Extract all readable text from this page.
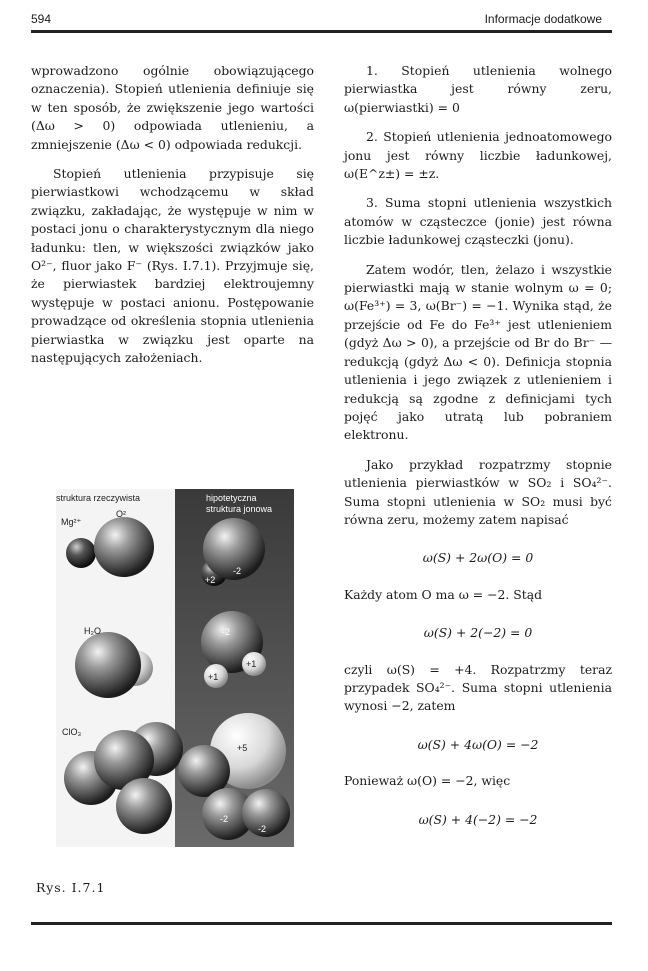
594	Informacje dodatkowe

wprowadzono ogólnie obowiązującego oznaczenia). Stopień utlenienia definiuje się w ten sposób, że zwiększenie jego wartości (Δω > 0) odpowiada utlenieniu, a zmniejszenie (Δω < 0) odpowiada redukcji.

Stopień utlenienia przypisuje się pierwiastkowi wchodzącemu w skład związku, zakładając, że występuje w nim w postaci jonu o charakterystycznym dla niego ładunku: tlen, w większości związków jako O²⁻, fluor jako F⁻ (Rys. I.7.1). Przyjmuje się, że pierwiastek bardziej elektroujemny występuje w postaci anionu. Postępowanie prowadzące od określenia stopnia utlenienia pierwiastka w związku jest oparte na następujących założeniach.

struktura rzeczywista	hipotetyczna struktura jonowa
Mg²⁺
O²
H₂O
ClO₃
+2
-2
-2
+1
+1
+5
-2
-2
Rys. I.7.1

1. Stopień utlenienia wolnego pierwiastka jest równy zeru, ω(pierwiastki) = 0

2. Stopień utlenienia jednoatomowego jonu jest równy liczbie ładunkowej, ω(E^z±) = ±z.

3. Suma stopni utlenienia wszystkich atomów w cząsteczce (jonie) jest równa liczbie ładunkowej cząsteczki (jonu).

Zatem wodór, tlen, żelazo i wszystkie pierwiastki mają w stanie wolnym ω = 0; ω(Fe³⁺) = 3, ω(Br⁻) = −1. Wynika stąd, że przejście od Fe do Fe³⁺ jest utlenieniem (gdyż Δω > 0), a przejście od Br do Br⁻ — redukcją (gdyż Δω < 0). Definicja stopnia utlenienia i jego związek z utlenieniem i redukcją są zgodne z definicjami tych pojęć jako utratą lub pobraniem elektronu.

Jako przykład rozpatrzmy stopnie utlenienia pierwiastków w SO₂ i SO₄²⁻. Suma stopni utlenienia w SO₂ musi być równa zeru, możemy zatem napisać

ω(S) + 2ω(O) = 0

Każdy atom O ma ω = −2. Stąd

ω(S) + 2(−2) = 0

czyli ω(S) = +4. Rozpatrzmy teraz przypadek SO₄²⁻. Suma stopni utlenienia wynosi −2, zatem

ω(S) + 4ω(O) = −2

Ponieważ ω(O) = −2, więc

ω(S) + 4(−2) = −2
